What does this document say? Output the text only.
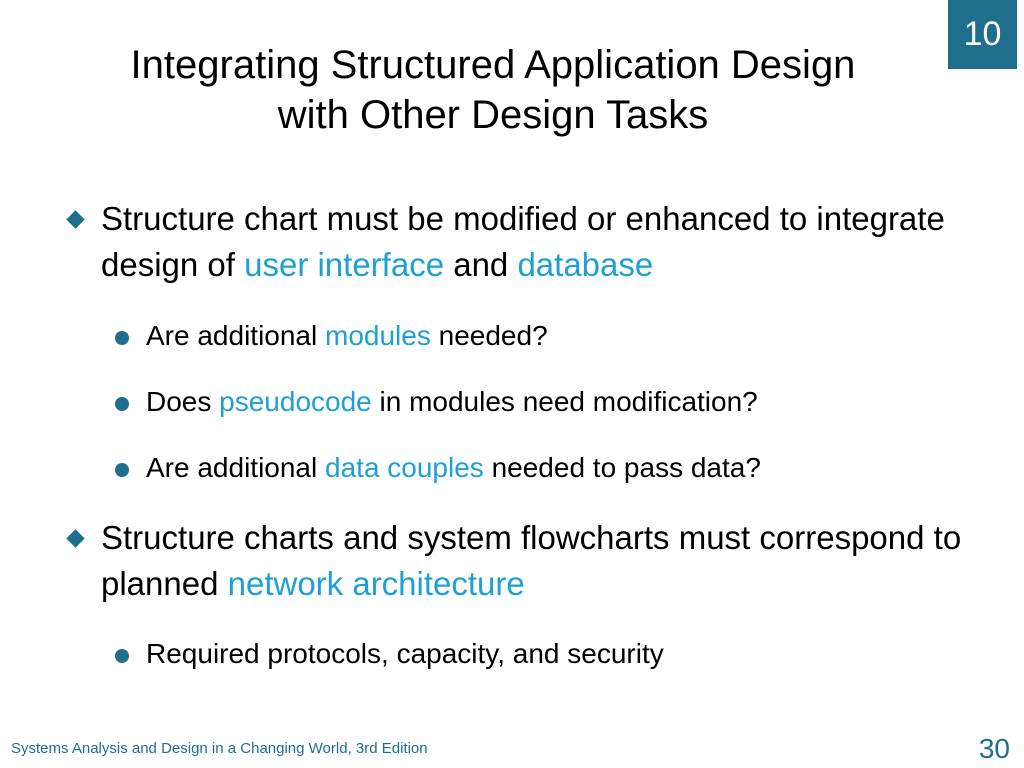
10
Integrating Structured Application Design
with Other Design Tasks
Structure chart must be modified or enhanced to integrate design of user interface and database
Are additional modules needed?
Does pseudocode in modules need modification?
Are additional data couples needed to pass data?
Structure charts and system flowcharts must correspond to planned network architecture
Required protocols, capacity, and security
Systems Analysis and Design in a Changing World, 3rd Edition	30
